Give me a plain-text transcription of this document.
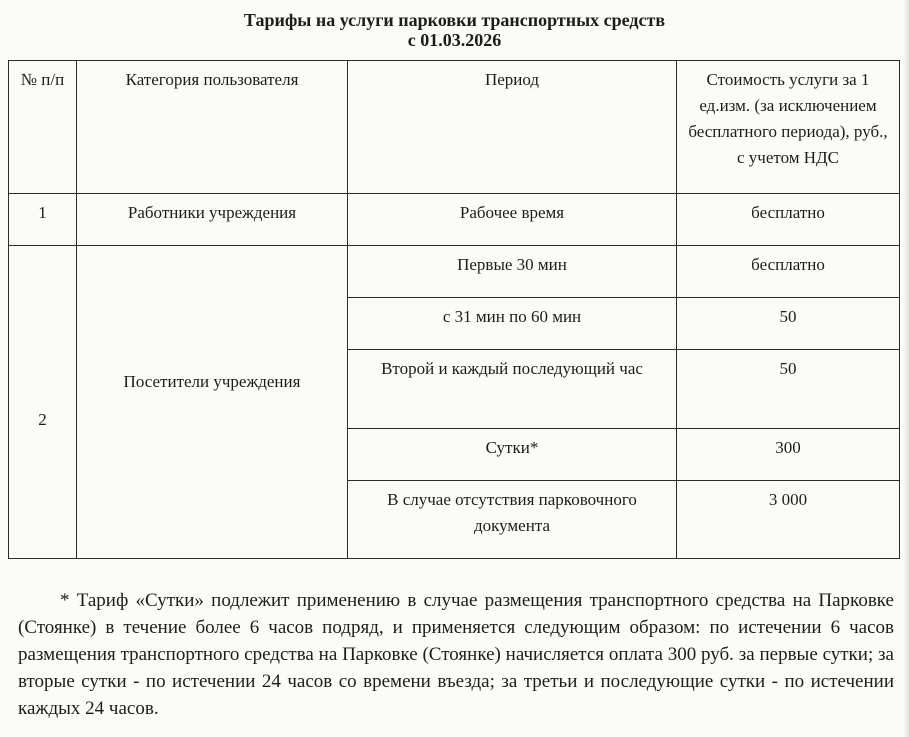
Тарифы на услуги парковки транспортных средств
с 01.03.2026
№ п/п	Категория пользователя	Период	Стоимость услуги за 1 ед.изм. (за исключением бесплатного периода), руб., с учетом НДС
1	Работники учреждения	Рабочее время	бесплатно
2	Посетители учреждения	Первые 30 мин	бесплатно
		с 31 мин по 60 мин	50
		Второй и каждый последующий час	50
		Сутки*	300
		В случае отсутствия парковочного документа	3 000
* Тариф «Сутки» подлежит применению в случае размещения транспортного средства на Парковке (Стоянке) в течение более 6 часов подряд, и применяется следующим образом: по истечении 6 часов размещения транспортного средства на Парковке (Стоянке) начисляется оплата 300 руб. за первые сутки; за вторые сутки - по истечении 24 часов со времени въезда; за третьи и последующие сутки - по истечении каждых 24 часов.
